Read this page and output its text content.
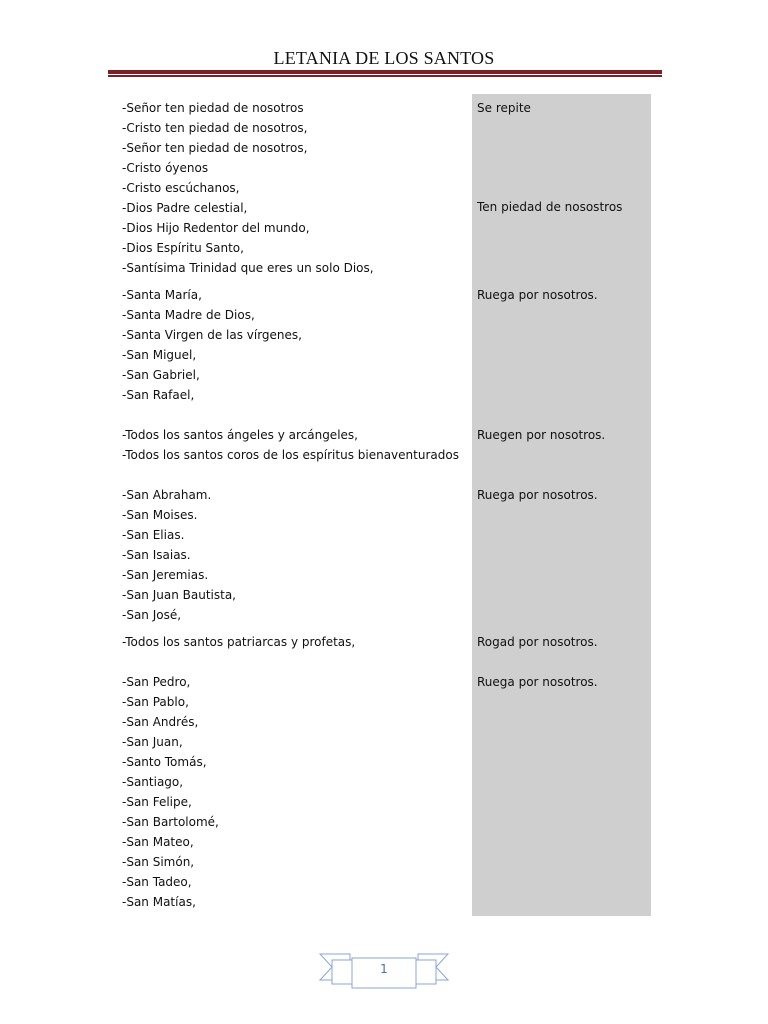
LETANIA DE LOS SANTOS
-Señor ten piedad de nosotros
-Cristo ten piedad de nosotros,
-Señor ten piedad de nosotros,
-Cristo óyenos
-Cristo escúchanos,
-Dios Padre celestial,
-Dios Hijo Redentor del mundo,
-Dios Espíritu Santo,
-Santísima Trinidad que eres un solo Dios,
-Santa María,
-Santa Madre de Dios,
-Santa Virgen de las vírgenes,
-San Miguel,
-San Gabriel,
-San Rafael,
-Todos los santos ángeles y arcángeles,
-Todos los santos coros de los espíritus bienaventurados
-San Abraham.
-San Moises.
-San Elias.
-San Isaias.
-San Jeremias.
-San Juan Bautista,
-San José,
-Todos los santos patriarcas y profetas,
-San Pedro,
-San Pablo,
-San Andrés,
-San Juan,
-Santo Tomás,
-Santiago,
-San Felipe,
-San Bartolomé,
-San Mateo,
-San Simón,
-San Tadeo,
-San Matías,
Se repite
Ten piedad de nosostros
Ruega por nosotros.
Ruegen por nosotros.
Ruega por nosotros.
Rogad por nosotros.
Ruega por nosotros.
1
